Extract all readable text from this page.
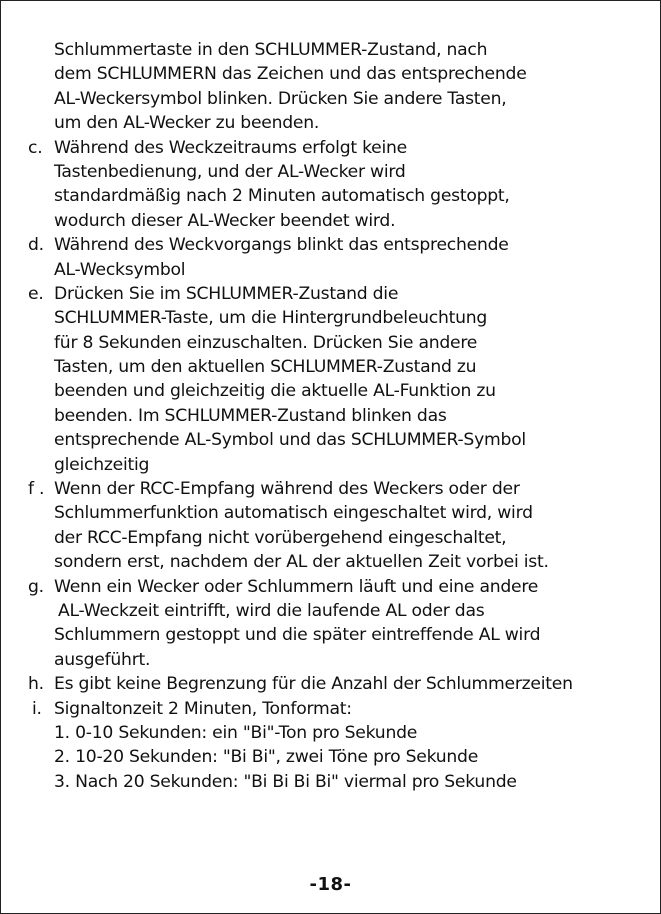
Schlummertaste in den SCHLUMMER-Zustand, nach
dem SCHLUMMERN das Zeichen und das entsprechende
AL-Weckersymbol blinken. Drücken Sie andere Tasten,
um den AL-Wecker zu beenden.
c. Während des Weckzeitraums erfolgt keine
Tastenbedienung, und der AL-Wecker wird
standardmäßig nach 2 Minuten automatisch gestoppt,
wodurch dieser AL-Wecker beendet wird.
d. Während des Weckvorgangs blinkt das entsprechende
AL-Wecksymbol
e. Drücken Sie im SCHLUMMER-Zustand die
SCHLUMMER-Taste, um die Hintergrundbeleuchtung
für 8 Sekunden einzuschalten. Drücken Sie andere
Tasten, um den aktuellen SCHLUMMER-Zustand zu
beenden und gleichzeitig die aktuelle AL-Funktion zu
beenden. Im SCHLUMMER-Zustand blinken das
entsprechende AL-Symbol und das SCHLUMMER-Symbol
gleichzeitig
f . Wenn der RCC-Empfang während des Weckers oder der
Schlummerfunktion automatisch eingeschaltet wird, wird
der RCC-Empfang nicht vorübergehend eingeschaltet,
sondern erst, nachdem der AL der aktuellen Zeit vorbei ist.
g. Wenn ein Wecker oder Schlummern läuft und eine andere
AL-Weckzeit eintrifft, wird die laufende AL oder das
Schlummern gestoppt und die später eintreffende AL wird
ausgeführt.
h. Es gibt keine Begrenzung für die Anzahl der Schlummerzeiten
i. Signaltonzeit 2 Minuten, Tonformat:
1. 0-10 Sekunden: ein "Bi"-Ton pro Sekunde
2. 10-20 Sekunden: "Bi Bi", zwei Töne pro Sekunde
3. Nach 20 Sekunden: "Bi Bi Bi Bi" viermal pro Sekunde
-18-
